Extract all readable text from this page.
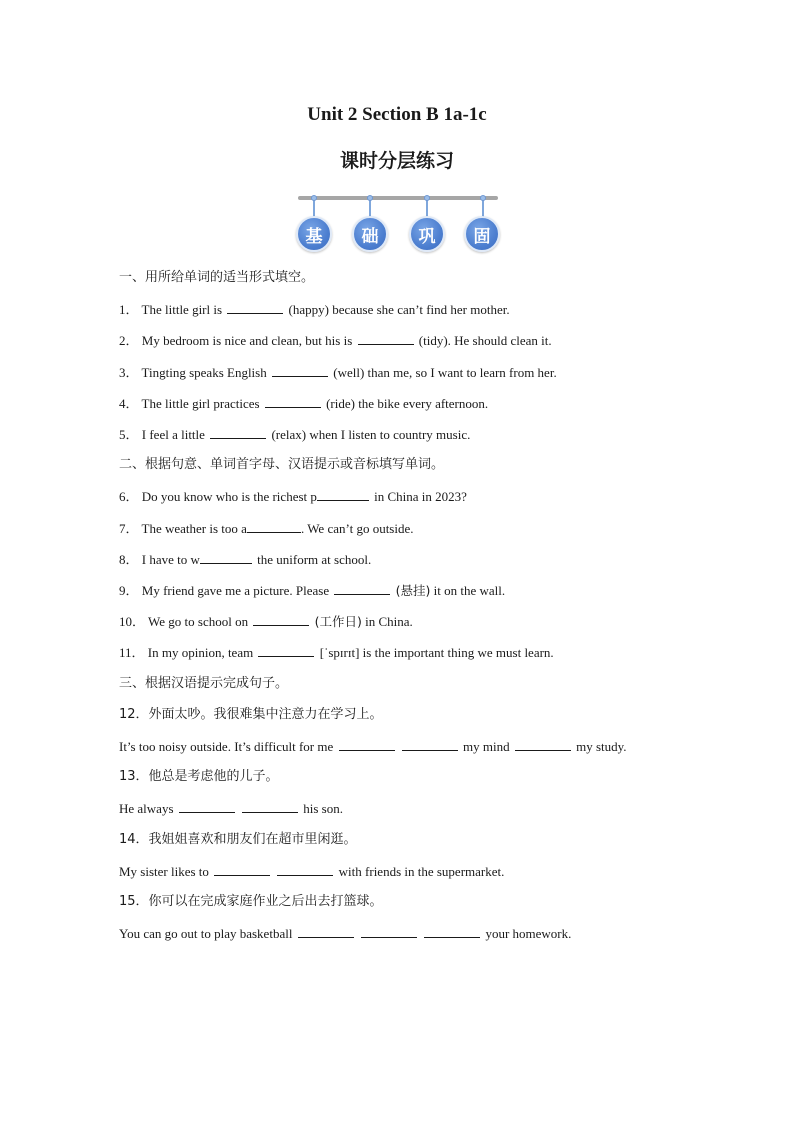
Unit 2 Section B 1a-1c
课时分层练习
基	础	巩	固
一、用所给单词的适当形式填空。
1． The little girl is	(happy) because she can’t find her mother.
2． My bedroom is nice and clean, but his is	(tidy). He should clean it.
3． Tingting speaks English	(well) than me, so I want to learn from her.
4． The little girl practices	(ride) the bike every afternoon.
5． I feel a little	(relax) when I listen to country music.
二、根据句意、单词首字母、汉语提示或音标填写单词。
6． Do you know who is the richest p	in China in 2023?
7． The weather is too a	. We can’t go outside.
8． I have to w	the uniform at school.
9． My friend gave me a picture. Please	(悬挂) it on the wall.
10． We go to school on	(工作日) in China.
11． In my opinion, team	[ˈspɪrɪt] is the important thing we must learn.
三、根据汉语提示完成句子。
12．外面太吵。我很难集中注意力在学习上。
It’s too noisy outside. It’s difficult for me	my mind	my study.
13．他总是考虑他的儿子。
He always	his son.
14．我姐姐喜欢和朋友们在超市里闲逛。
My sister likes to	with friends in the supermarket.
15．你可以在完成家庭作业之后出去打篮球。
You can go out to play basketball	your homework.
